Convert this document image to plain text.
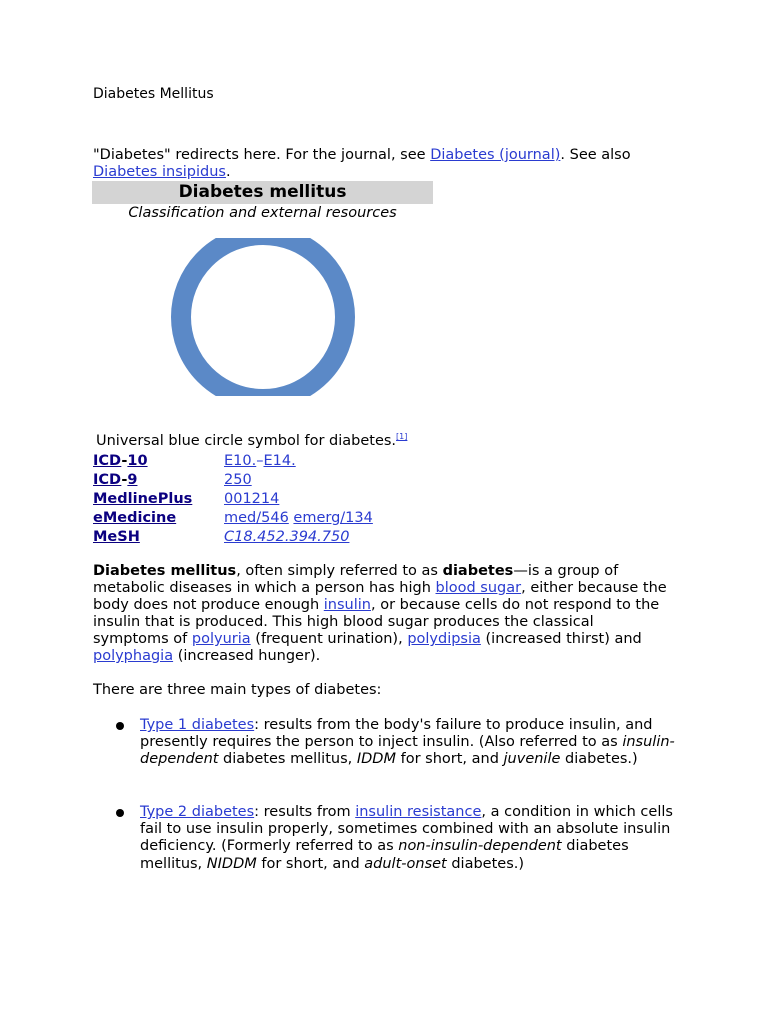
Diabetes Mellitus
"Diabetes" redirects here. For the journal, see Diabetes (journal). See also Diabetes insipidus.
Diabetes mellitus
Classification and external resources
Universal blue circle symbol for diabetes.[1]
ICD-10	E10.–E14.
ICD-9	250
MedlinePlus 001214
eMedicine	med/546 emerg/134
MeSH	C18.452.394.750
Diabetes mellitus, often simply referred to as diabetes—is a group of metabolic diseases in which a person has high blood sugar, either because the body does not produce enough insulin, or because cells do not respond to the insulin that is produced. This high blood sugar produces the classical symptoms of polyuria (frequent urination), polydipsia (increased thirst) and polyphagia (increased hunger).
There are three main types of diabetes:
Type 1 diabetes: results from the body's failure to produce insulin, and presently requires the person to inject insulin. (Also referred to as insulin-dependent diabetes mellitus, IDDM for short, and juvenile diabetes.)
Type 2 diabetes: results from insulin resistance, a condition in which cells fail to use insulin properly, sometimes combined with an absolute insulin deficiency. (Formerly referred to as non-insulin-dependent diabetes mellitus, NIDDM for short, and adult-onset diabetes.)
